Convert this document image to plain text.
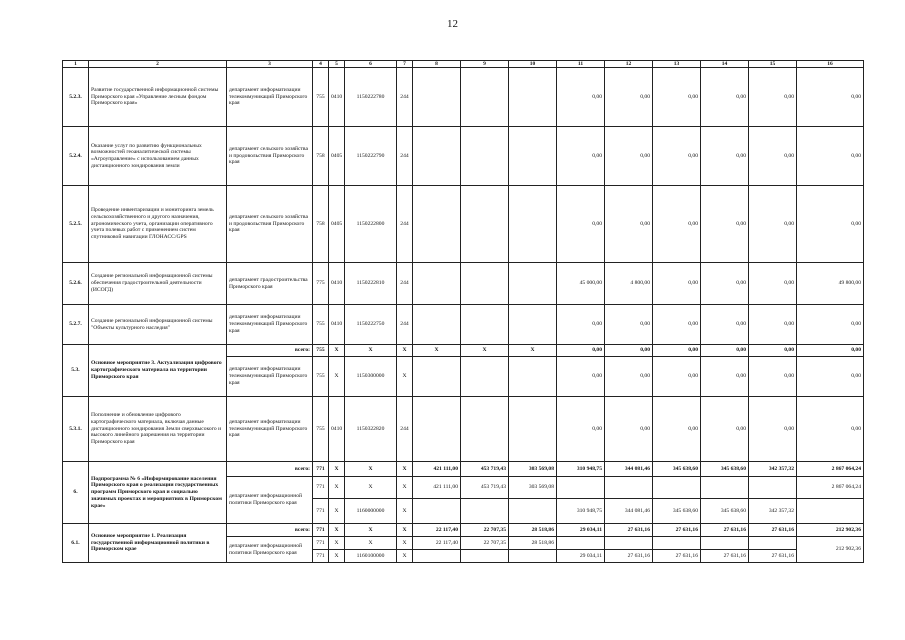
12
1	2	3	4	5	6	7	8	9	10	11	12	13	14	15	16
5.2.3.	Развитие государственной информационной системы Приморского края «Управление лесным фондом Приморского края»	департамент информатизации телекоммуникаций Приморского края	755	0410	1150222780	244				0,00	0,00	0,00	0,00	0,00	0,00
5.2.4.	Оказание услуг по развитию функциональных возможностей геоаналитической системы «Агроуправление» с использованием данных дистанционного зондирования земли	департамент сельского хозяйства и продовольствия Приморского края	758	0405	1150222790	244				0,00	0,00	0,00	0,00	0,00	0,00
5.2.5.	Проведение инвентаризации и мониторинга земель сельскохозяйственного и другого назначения, агрономического учета, организации оперативного учета полевых работ с применением систем спутниковой навигации ГЛОНАСС/GPS	департамент сельского хозяйства и продовольствия Приморского края	758	0405	1150222800	244				0,00	0,00	0,00	0,00	0,00	0,00
5.2.6.	Создание региональной информационной системы обеспечения градостроительной деятельности (ИСОГД)	департамент градостроительства Приморского края	775	0410	1150222810	244				45 000,00	4 800,00	0,00	0,00	0,00	49 800,00
5.2.7.	Создание региональной информационной системы "Объекты культурного наследия"	департамент информатизации телекоммуникаций Приморского края	755	0410	1150222750	244				0,00	0,00	0,00	0,00	0,00	0,00
5.3.	Основное мероприятие 3. Актуализация цифрового картографического материала на территории Приморского края	всего:	755	X	X	X	X	X	X	0,00	0,00	0,00	0,00	0,00	0,00
		департамент информатизации телекоммуникаций Приморского края	755	X	1150300000	X				0,00	0,00	0,00	0,00	0,00	0,00
5.3.1.	Пополнение и обновление цифрового картографического материала, включая данные дистанционного зондирования Земли сверхвысокого и высокого линейного разрешения на территории Приморского края	департамент информатизации телекоммуникаций Приморского края	755	0410	1150322820	244				0,00	0,00	0,00	0,00	0,00	0,00
6.	Подпрограмма № 6 «Информирование населения Приморского края о реализации государственных программ Приморского края и социально значимых проектах и мероприятиях в Приморском крае»	всего:	771	X	X	X	421 111,00	453 719,43	303 569,08	310 948,75	344 081,46	345 638,60	345 638,60	342 357,32	2 867 064,24
		департамент информационной политики Приморского края	771	X	X	X	421 111,00	453 719,43	303 569,08						2 867 064,24
			771	X	1160000000	X				310 948,75	344 081,46	345 638,60	345 638,60	342 357,32	
6.1.	Основное мероприятие 1. Реализация государственной информационной политики в Приморском крае	всего:	771	X	X	X	22 117,40	22 707,35	28 518,86	29 034,11	27 631,16	27 631,16	27 631,16	27 631,16	212 902,36
		департамент информационной политики Приморского края	771	X	X	X	22 117,40	22 707,35	28 518,86						212 902,36
			771	X	1160100000	X				29 034,11	27 631,16	27 631,16	27 631,16	27 631,16	
